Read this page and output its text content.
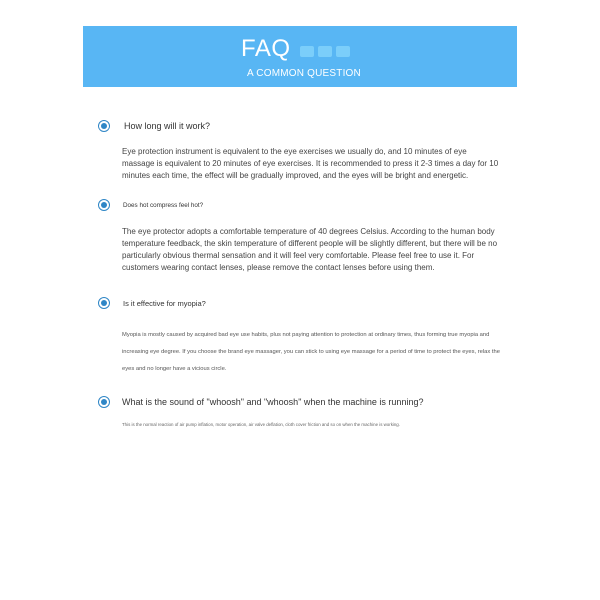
FAQ
A COMMON QUESTION
How long will it work?

Eye protection instrument is equivalent to the eye exercises we usually do, and 10 minutes of eye massage is equivalent to 20 minutes of eye exercises. It is recommended to press it 2-3 times a day for 10 minutes each time, the effect will be gradually improved, and the eyes will be bright and energetic.

Does hot compress feel hot?

The eye protector adopts a comfortable temperature of 40 degrees Celsius. According to the human body temperature feedback, the skin temperature of different people will be slightly different, but there will be no particularly obvious thermal sensation and it will feel very comfortable. Please feel free to use it. For customers wearing contact lenses, please remove the contact lenses before using them.

Is it effective for myopia?

Myopia is mostly caused by acquired bad eye use habits, plus not paying attention to protection at ordinary times, thus forming true myopia and increasing eye degree. If you choose the brand eye massager, you can stick to using eye massage for a period of time to protect the eyes, relax the eyes and no longer have a vicious circle.

What is the sound of "whoosh" and "whoosh" when the machine is running?

This is the normal reaction of air pump inflation, motor operation, air valve deflation, cloth cover friction and so on when the machine is working.
